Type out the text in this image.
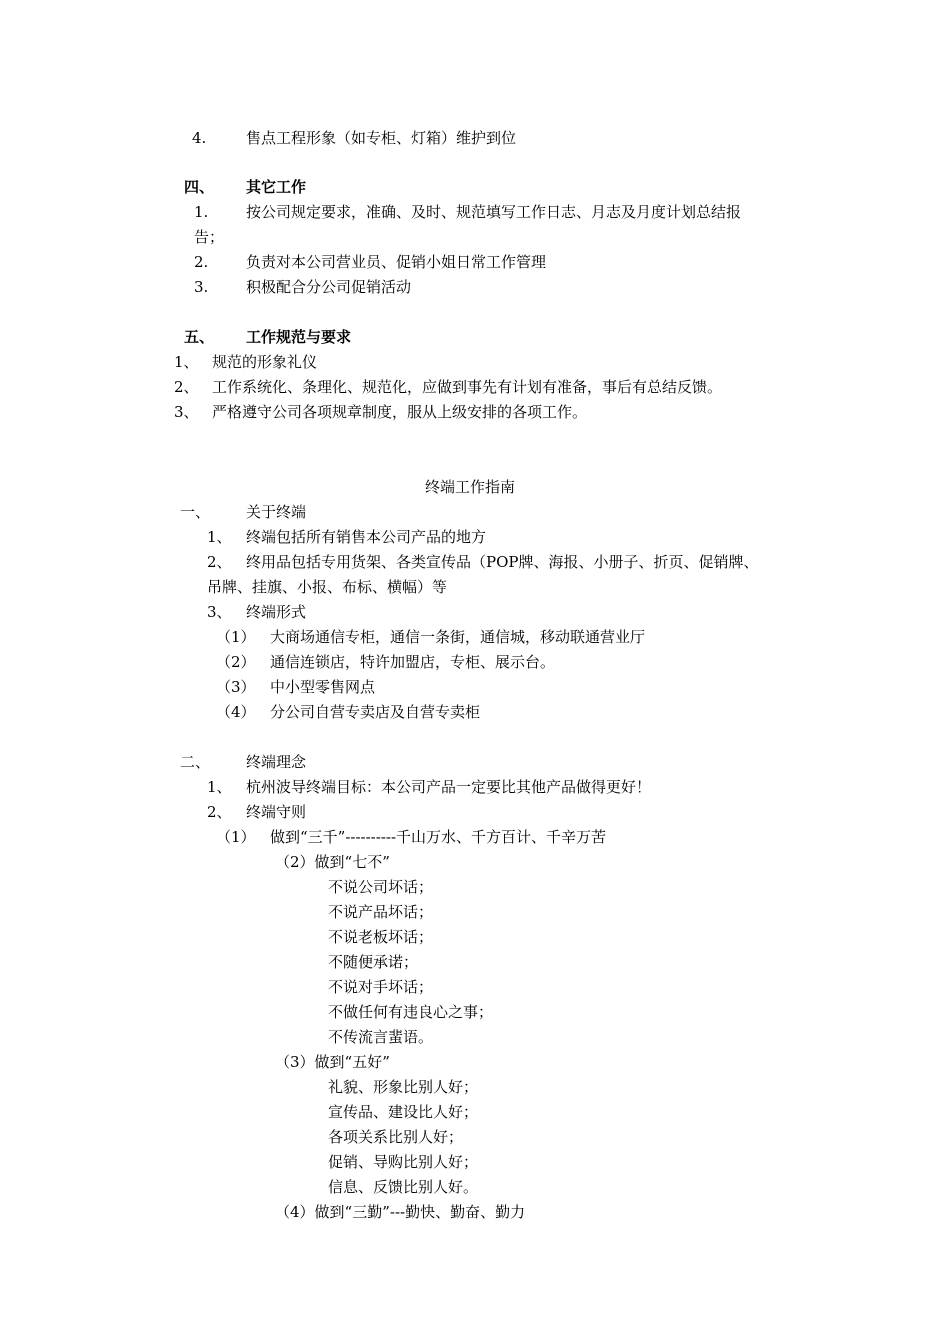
4.	售点工程形象（如专柜、灯箱）维护到位
四、 其它工作
1.	按公司规定要求，准确、及时、规范填写工作日志、月志及月度计划总结报
告；
2.	负责对本公司营业员、促销小姐日常工作管理
3.	积极配合分公司促销活动
五、 工作规范与要求
1、 规范的形象礼仪
2、 工作系统化、条理化、规范化，应做到事先有计划有准备，事后有总结反馈。
3、 严格遵守公司各项规章制度，服从上级安排的各项工作。
终端工作指南
一、 关于终端
1、 终端包括所有销售本公司产品的地方
2、 终用品包括专用货架、各类宣传品（POP牌、海报、小册子、折页、促销牌、
吊牌、挂旗、小报、布标、横幅）等
3、 终端形式
（1） 大商场通信专柜，通信一条街，通信城，移动联通营业厅
（2） 通信连锁店，特许加盟店，专柜、展示台。
（3） 中小型零售网点
（4） 分公司自营专卖店及自营专卖柜
二、 终端理念
1、 杭州波导终端目标：本公司产品一定要比其他产品做得更好！
2、 终端守则
（1） 做到“三千”----------千山万水、千方百计、千辛万苦
（2）做到“七不”
不说公司坏话；
不说产品坏话；
不说老板坏话；
不随便承诺；
不说对手坏话；
不做任何有违良心之事；
不传流言蜚语。
（3）做到“五好”
礼貌、形象比别人好；
宣传品、建设比人好；
各项关系比别人好；
促销、导购比别人好；
信息、反馈比别人好。
（4）做到“三勤”---勤快、勤奋、勤力
